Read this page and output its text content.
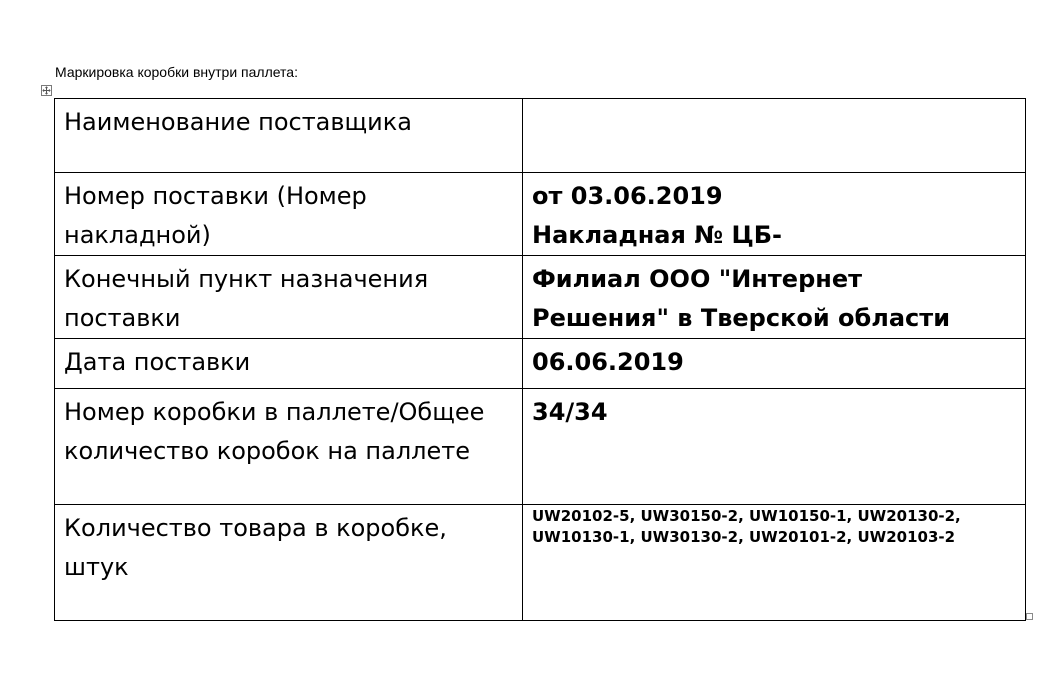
Маркировка коробки внутри паллета:
Наименование поставщика	

Номер поставки (Номер
накладной)	от 03.06.2019
Накладная № ЦБ-

Конечный пункт назначения
поставки	Филиал ООО "Интернет
Решения" в Тверской области

Дата поставки	06.06.2019

Номер коробки в паллете/Общее
количество коробок на паллете	34/34

Количество товара в коробке,
штук	UW20102-5, UW30150-2, UW10150-1, UW20130-2,
UW10130-1, UW30130-2, UW20101-2, UW20103-2
